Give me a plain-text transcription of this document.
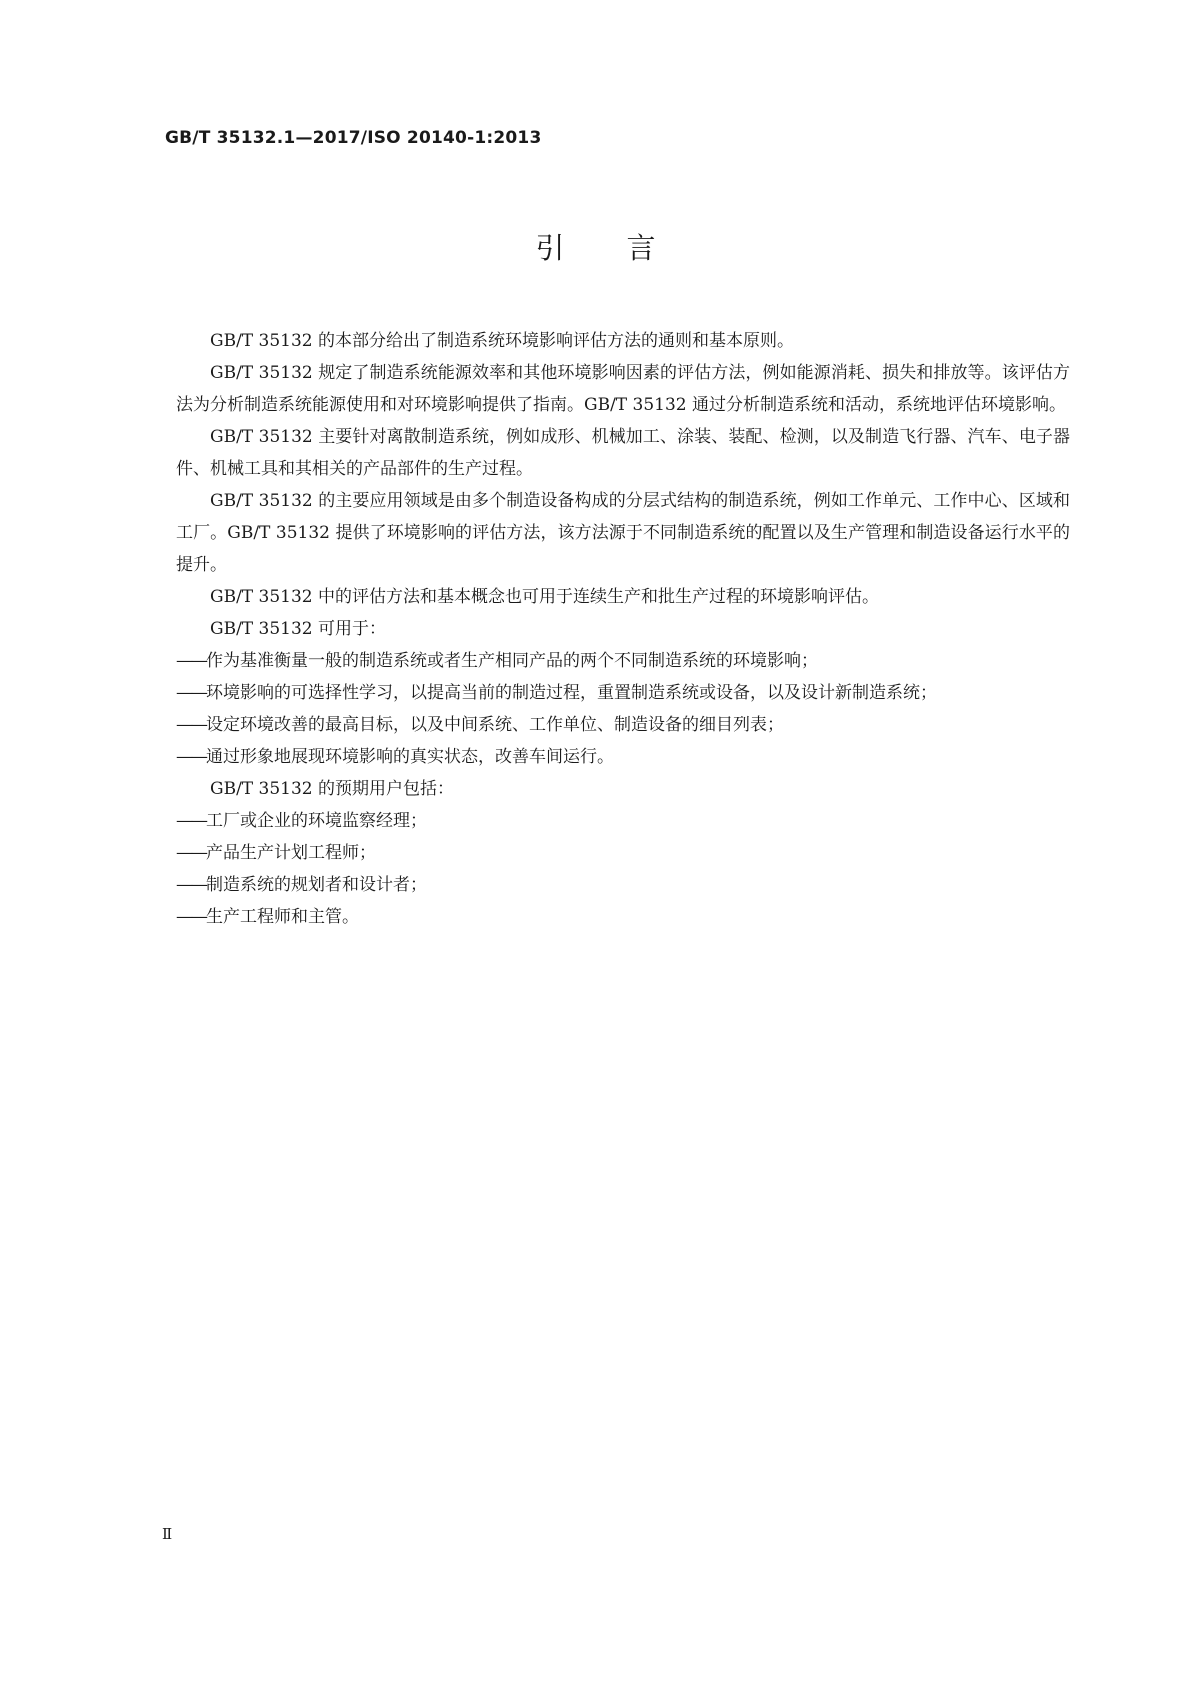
GB/T 35132.1—2017/ISO 20140-1:2013
引言

GB/T 35132 的本部分给出了制造系统环境影响评估方法的通则和基本原则。

GB/T 35132 规定了制造系统能源效率和其他环境影响因素的评估方法，例如能源消耗、损失和排放等。该评估方法为分析制造系统能源使用和对环境影响提供了指南。GB/T 35132 通过分析制造系统和活动，系统地评估环境影响。

GB/T 35132 主要针对离散制造系统，例如成形、机械加工、涂装、装配、检测，以及制造飞行器、汽车、电子器件、机械工具和其相关的产品部件的生产过程。

GB/T 35132 的主要应用领域是由多个制造设备构成的分层式结构的制造系统，例如工作单元、工作中心、区域和工厂。GB/T 35132 提供了环境影响的评估方法，该方法源于不同制造系统的配置以及生产管理和制造设备运行水平的提升。

GB/T 35132 中的评估方法和基本概念也可用于连续生产和批生产过程的环境影响评估。

GB/T 35132 可用于：

——作为基准衡量一般的制造系统或者生产相同产品的两个不同制造系统的环境影响；

——环境影响的可选择性学习，以提高当前的制造过程，重置制造系统或设备，以及设计新制造系统；

——设定环境改善的最高目标，以及中间系统、工作单位、制造设备的细目列表；

——通过形象地展现环境影响的真实状态，改善车间运行。

GB/T 35132 的预期用户包括：

——工厂或企业的环境监察经理；

——产品生产计划工程师；

——制造系统的规划者和设计者；

——生产工程师和主管。

Ⅱ
